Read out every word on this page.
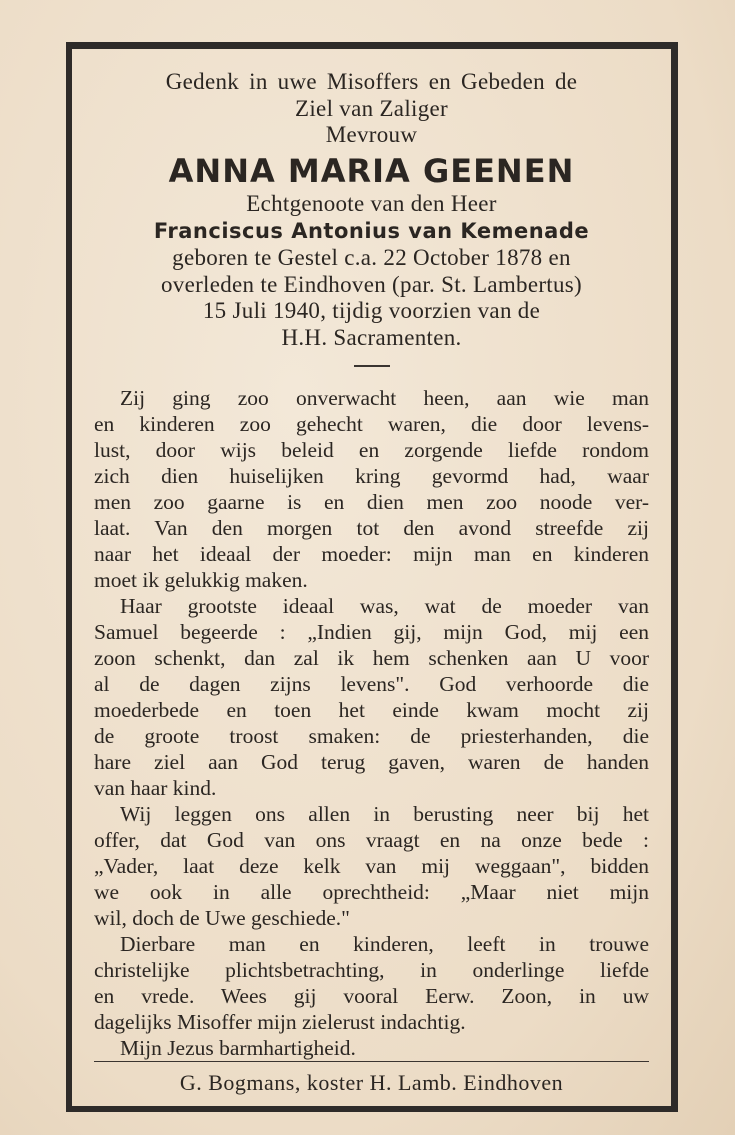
Gedenk in uwe Misoffers en Gebeden de
Ziel van Zaliger
Mevrouw
ANNA MARIA GEENEN
Echtgenoote van den Heer
Franciscus Antonius van Kemenade
geboren te Gestel c.a. 22 October 1878 en
overleden te Eindhoven (par. St. Lambertus)
15 Juli 1940, tijdig voorzien van de
H.H. Sacramenten.

Zij ging zoo onverwacht heen, aan wie man

en kinderen zoo gehecht waren, die door levens-

lust, door wijs beleid en zorgende liefde rondom

zich dien huiselijken kring gevormd had, waar

men zoo gaarne is en dien men zoo noode ver-

laat. Van den morgen tot den avond streefde zij

naar het ideaal der moeder: mijn man en kinderen

moet ik gelukkig maken.

Haar grootste ideaal was, wat de moeder van

Samuel begeerde : „Indien gij, mijn God, mij een

zoon schenkt, dan zal ik hem schenken aan U voor

al de dagen zijns levens". God verhoorde die

moederbede en toen het einde kwam mocht zij

de groote troost smaken: de priesterhanden, die

hare ziel aan God terug gaven, waren de handen

van haar kind.

Wij leggen ons allen in berusting neer bij het

offer, dat God van ons vraagt en na onze bede :

„Vader, laat deze kelk van mij weggaan", bidden

we ook in alle oprechtheid: „Maar niet mijn

wil, doch de Uwe geschiede."

Dierbare man en kinderen, leeft in trouwe

christelijke plichtsbetrachting, in onderlinge liefde

en vrede. Wees gij vooral Eerw. Zoon, in uw

dagelijks Misoffer mijn zielerust indachtig.

Mijn Jezus barmhartigheid.

G. Bogmans, koster H. Lamb. Eindhoven
